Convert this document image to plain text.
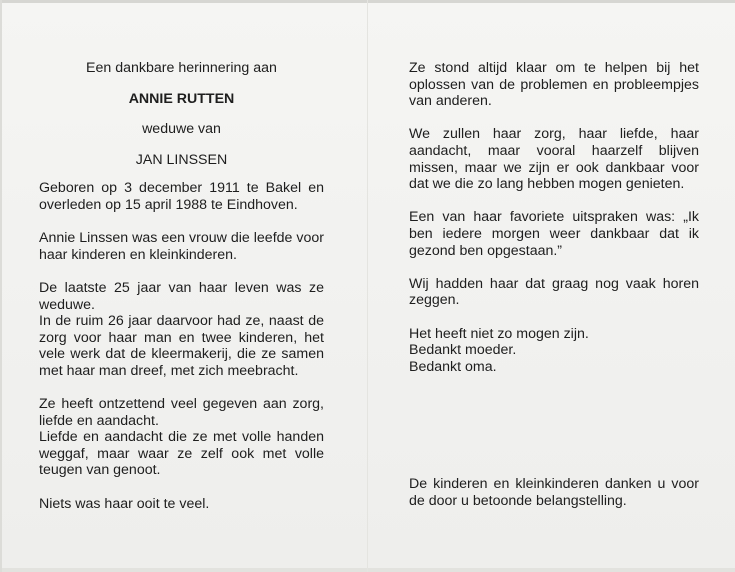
Een dankbare herinnering aan
ANNIE RUTTEN
weduwe van
JAN LINSSEN

Geboren op 3 december 1911 te Bakel en overleden op 15 april 1988 te Eindhoven.

Annie Linssen was een vrouw die leefde voor haar kinderen en kleinkinderen.

De laatste 25 jaar van haar leven was ze weduwe.

In de ruim 26 jaar daarvoor had ze, naast de zorg voor haar man en twee kinderen, het vele werk dat de kleermakerij, die ze samen met haar man dreef, met zich meebracht.

Ze heeft ontzettend veel gegeven aan zorg, liefde en aandacht.

Liefde en aandacht die ze met volle handen weggaf, maar waar ze zelf ook met volle teugen van genoot.

Niets was haar ooit te veel.

Ze stond altijd klaar om te helpen bij het oplossen van de problemen en probleempjes van anderen.

We zullen haar zorg, haar liefde, haar aandacht, maar vooral haarzelf blijven missen, maar we zijn er ook dankbaar voor dat we die zo lang hebben mogen genieten.

Een van haar favoriete uitspraken was: „Ik ben iedere morgen weer dankbaar dat ik gezond ben opgestaan.”

Wij hadden haar dat graag nog vaak horen zeggen.

Het heeft niet zo mogen zijn.
Bedankt moeder.
Bedankt oma.
De kinderen en kleinkinderen danken u voor de door u betoonde belangstelling.
